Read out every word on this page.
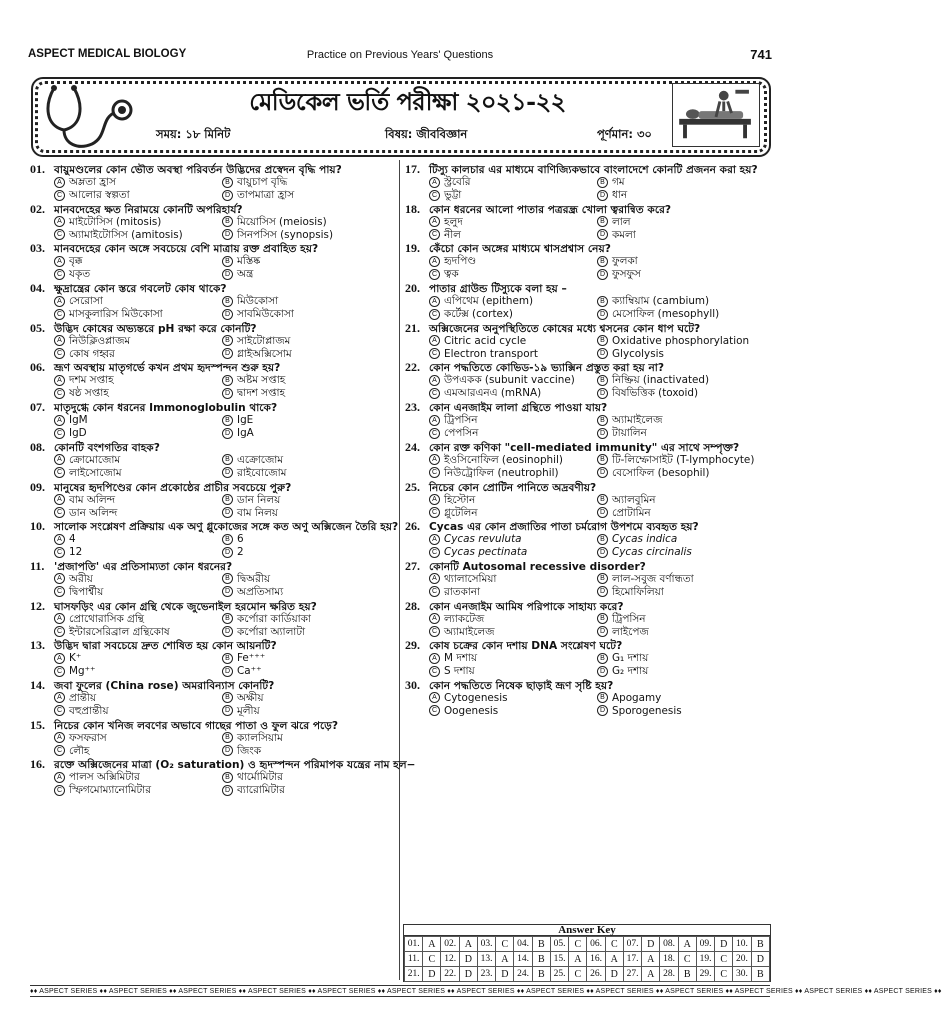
ASPECT MEDICAL BIOLOGY	Practice on Previous Years' Questions	741
মেডিকেল ভর্তি পরীক্ষা ২০২১-২২
সময়: ১৮ মিনিট	বিষয়: জীববিজ্ঞান	পূর্ণমান: ৩০
01. বায়ুমণ্ডলের কোন ভৌত অবস্থা পরিবর্তন উদ্ভিদের প্রস্বেদন বৃদ্ধি পায়?
A অম্লতা হ্রাস	B বায়ুচাপ বৃদ্ধি
C আলোর স্বল্পতা	D তাপমাত্রা হ্রাস
02. মানবদেহের ক্ষত নিরাময়ে কোনটি অপরিহার্য?
A মাইটোসিস (mitosis)	B মিয়োসিস (meiosis)
C অ্যামাইটোসিস (amitosis)	D সিনপসিস (synopsis)
03. মানবদেহের কোন অঙ্গে সবচেয়ে বেশি মাত্রায় রক্ত প্রবাহিত হয়?
A বৃক্ক	B মস্তিষ্ক
C যকৃত	D অন্ত্র
04. ক্ষুদ্রান্ত্রের কোন স্তরে গবলেট কোষ থাকে?
A সেরোসা	B মিউকোসা
C মাসকুলারিস মিউকোসা	D সাবমিউকোসা
05. উদ্ভিদ কোষের অভ্যন্তরে pH রক্ষা করে কোনটি?
A নিউক্লিওপ্লাজম	B সাইটোপ্লাজম
C কোষ গহ্বর	D গ্লাইঅক্সিসোম
06. ভ্রূণ অবস্থায় মাতৃগর্ভে কখন প্রথম হৃদস্পন্দন শুরু হয়?
A দশম সপ্তাহ	B অষ্টম সপ্তাহ
C ষষ্ঠ সপ্তাহ	D দ্বাদশ সপ্তাহ
07. মাতৃদুগ্ধে কোন ধরনের Immonoglobulin থাকে?
A IgM	B IgE
C IgD	D IgA
08. কোনটি বংশগতির বাহক?
A ক্রোমোজোম	B এক্রোজোম
C লাইসোজোম	D রাইবোজোম
09. মানুষের হৃদপিণ্ডের কোন প্রকোষ্ঠের প্রাচীর সবচেয়ে পুরু?
A বাম অলিন্দ	B ডান নিলয়
C ডান অলিন্দ	D বাম নিলয়
10. সালোক সংশ্লেষণ প্রক্রিয়ায় এক অণু গ্লুকোজের সঙ্গে কত অণু অক্সিজেন তৈরি হয়?
A 4	B 6
C 12	D 2
11. 'প্রজাপতি' এর প্রতিসাম্যতা কোন ধরনের?
A অরীয়	B দ্বিঅরীয়
C দ্বিপার্শ্বীয়	D অপ্রতিসাম্য
12. ঘাসফড়িং এর কোন গ্রন্থি থেকে জুভেনাইল হরমোন ক্ষরিত হয়?
A প্রোথোরাসিক গ্রন্থি	B কর্পোরা কার্ডিয়াকা
C ইন্টারসেরিব্রাল গ্রন্থিকোষ	D কর্পোরা অ্যালাটা
13. উদ্ভিদ দ্বারা সবচেয়ে দ্রুত শোষিত হয় কোন আয়নটি?
A K⁺	B Fe⁺⁺⁺
C Mg⁺⁺	D Ca⁺⁺
14. জবা ফুলের (China rose) অমরাবিন্যাস কোনটি?
A প্রান্তীয়	B অক্ষীয়
C বহুপ্রান্তীয়	D মূলীয়
15. নিচের কোন খনিজ লবণের অভাবে গাছের পাতা ও ফুল ঝরে পড়ে?
A ফসফরাস	B ক্যালসিয়াম
C লৌহ	D জিংক
16. রক্তে অক্সিজেনের মাত্রা (O₂ saturation) ও হৃদস্পন্দন পরিমাপক যন্ত্রের নাম হল−
A পালস অক্সিমিটার	B থার্মোমিটার
C স্ফিগমোম্যানোমিটার	D ব্যারোমিটার
17. টিস্যু কালচার এর মাধ্যমে বাণিজ্যিকভাবে বাংলাদেশে কোনটি প্রজনন করা হয়?
A স্ট্রবেরি	B গম
C ভুট্টা	D ধান
18. কোন ধরনের আলো পাতার পত্ররন্ধ্র খোলা ত্বরান্বিত করে?
A হলুদ	B লাল
C নীল	D কমলা
19. কেঁচো কোন অঙ্গের মাধ্যমে শ্বাসপ্রশ্বাস নেয়?
A হৃদপিণ্ড	B ফুলকা
C ত্বক	D ফুসফুস
20. পাতার গ্রাউন্ড টিস্যুকে বলা হয় –
A এপিথেম (epithem)	B ক্যাম্বিয়াম (cambium)
C কর্টেক্স (cortex)	D মেসোফিল (mesophyll)
21. অক্সিজেনের অনুপস্থিতিতে কোষের মধ্যে শ্বসনের কোন ধাপ ঘটে?
A Citric acid cycle	B Oxidative phosphorylation
C Electron transport	D Glycolysis
22. কোন পদ্ধতিতে কোভিড-১৯ ভ্যাক্সিন প্রস্তুত করা হয় না?
A উপএকক (subunit vaccine)	B নিষ্ক্রিয় (inactivated)
C এমআরএনএ (mRNA)	D বিষভিত্তিক (toxoid)
23. কোন এনজাইম লালা গ্রন্থিতে পাওয়া যায়?
A ট্রিপসিন	B অ্যামাইলেজ
C পেপসিন	D টায়ালিন
24. কোন রক্ত কণিকা "cell-mediated immunity" এর সাথে সম্পৃক্ত?
A ইওসিনোফিল (eosinophil)	B টি-লিম্ফোসাইট (T-lymphocyte)
C নিউট্রোফিল (neutrophil)	D বেসোফিল (besophil)
25. নিচের কোন প্রোটিন পানিতে অদ্রবণীয়?
A হিস্টোন	B অ্যালবুমিন
C গ্লুটেলিন	D প্রোটামিন
26. Cycas এর কোন প্রজাতির পাতা চর্মরোগ উপশমে ব্যবহৃত হয়?
A Cycas revuluta	B Cycas indica
C Cycas pectinata	D Cycas circinalis
27. কোনটি Autosomal recessive disorder?
A থ্যালাসেমিয়া	B লাল-সবুজ বর্ণান্ধতা
C রাতকানা	D হিমোফিলিয়া
28. কোন এনজাইম আমিষ পরিপাকে সাহায্য করে?
A ল্যাকটেজ	B ট্রিপসিন
C অ্যামাইলেজ	D লাইপেজ
29. কোষ চক্রের কোন দশায় DNA সংশ্লেষণ ঘটে?
A M দশায়	B G₁ দশায়
C S দশায়	D G₂ দশায়
30. কোন পদ্ধতিতে নিষেক ছাড়াই ভ্রূণ সৃষ্টি হয়?
A Cytogenesis	B Apogamy
C Oogenesis	D Sporogenesis
Answer Key
01.	A	02.	A	03.	C	04.	B	05.	C	06.	C	07.	D	08.	A	09.	D	10.	B
11.	C	12.	D	13.	A	14.	B	15.	A	16.	A	17.	A	18.	C	19.	C	20.	D
21.	D	22.	D	23.	D	24.	B	25.	C	26.	D	27.	A	28.	B	29.	C	30.	B
♦♦ ASPECT SERIES ♦♦ ASPECT SERIES ♦♦ ASPECT SERIES ♦♦ ASPECT SERIES ♦♦ ASPECT SERIES ♦♦ ASPECT SERIES ♦♦ ASPECT SERIES ♦♦ ASPECT SERIES ♦♦ ASPECT SERIES ♦♦ ASPECT SERIES ♦♦ ASPECT SERIES ♦♦ ASPECT SERIES ♦♦ ASPECT SERIES ♦♦
